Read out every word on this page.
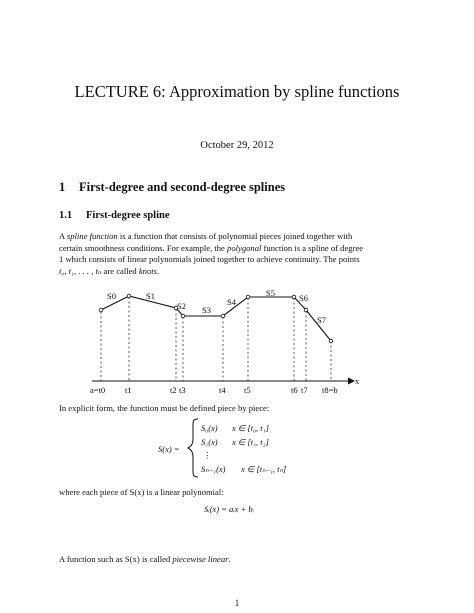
LECTURE 6: Approximation by spline functions
October 29, 2012
1 First-degree and second-degree splines
1.1 First-degree spline
A spline function is a function that consists of polynomial pieces joined together with
certain smoothness conditions. For example, the polygonal function is a spline of degree
1 which consists of linear polynomials joined together to achieve continuity. The points
t₀, t₁, . . . , tₙ are called knots.
x
S0	S1
S2 S3
S4
S5	S6
S7
a=t0 t1	t2 t3	t4 t5	t6 t7 t8=b
In explicit form, the function must be defined piece by piece:
S(x) =
S₀(x) x ∈ [t₀, t₁]
S₁(x) x ∈ [t₁, t₂]
⋮
Sₙ₋₁(x) x ∈ [tₙ₋₁, tₙ]
Sᵢ(x) = aᵢx + bᵢ
where each piece of S(x) is a linear polynomial:
A function such as S(x) is called piecewise linear.
1
